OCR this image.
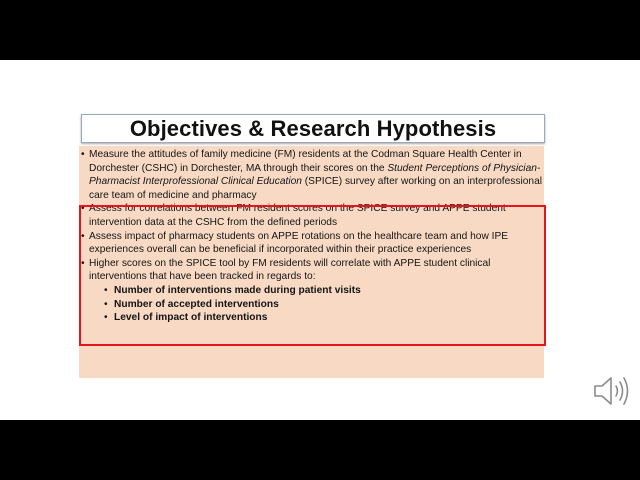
Objectives & Research Hypothesis
• Measure the attitudes of family medicine (FM) residents at the Codman Square Health Center in Dorchester (CSHC) in Dorchester, MA through their scores on the Student Perceptions of Physician-Pharmacist Interprofessional Clinical Education (SPICE) survey after working on an interprofessional care team of medicine and pharmacy
• Assess for correlations between FM resident scores on the SPICE survey and APPE student intervention data at the CSHC from the defined periods
• Assess impact of pharmacy students on APPE rotations on the healthcare team and how IPE experiences overall can be beneficial if incorporated within their practice experiences
• Higher scores on the SPICE tool by FM residents will correlate with APPE student clinical interventions that have been tracked in regards to:
• Number of interventions made during patient visits
• Number of accepted interventions
• Level of impact of interventions
